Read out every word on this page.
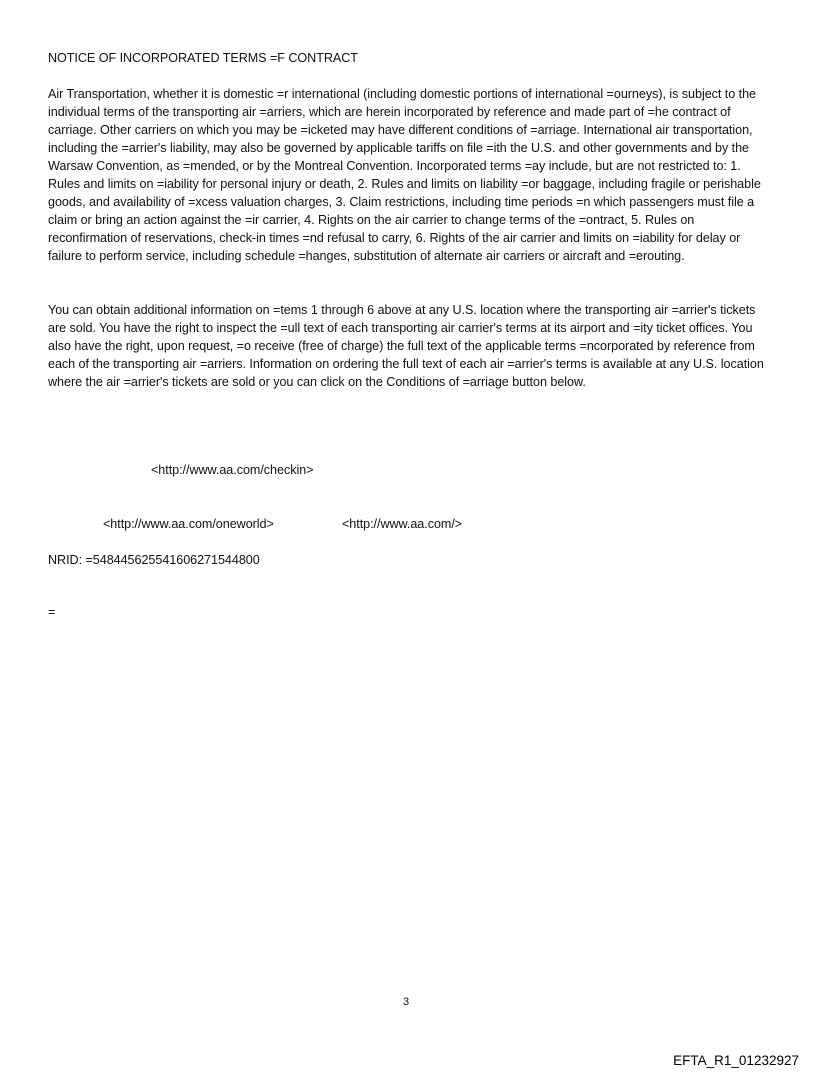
NOTICE OF INCORPORATED TERMS =F CONTRACT

Air Transportation, whether it is domestic =r international (including domestic portions of international =ourneys), is subject to the individual terms of the transporting air =arriers, which are herein incorporated by reference and made part of =he contract of carriage. Other carriers on which you may be =icketed may have different conditions of =arriage. International air transportation, including the =arrier's liability, may also be governed by applicable tariffs on file =ith the U.S. and other governments and by the Warsaw Convention, as =mended, or by the Montreal Convention. Incorporated terms =ay include, but are not restricted to: 1. Rules and limits on =iability for personal injury or death, 2. Rules and limits on liability =or baggage, including fragile or perishable goods, and availability of =xcess valuation charges, 3. Claim restrictions, including time periods =n which passengers must file a claim or bring an action against the =ir carrier, 4. Rights on the air carrier to change terms of the =ontract, 5. Rules on reconfirmation of reservations, check-in times =nd refusal to carry, 6. Rights of the air carrier and limits on =iability for delay or failure to perform service, including schedule =hanges, substitution of alternate air carriers or aircraft and =erouting.

You can obtain additional information on =tems 1 through 6 above at any U.S. location where the transporting air =arrier's tickets are sold. You have the right to inspect the =ull text of each transporting air carrier's terms at its airport and =ity ticket offices. You also have the right, upon request, =o receive (free of charge) the full text of the applicable terms =ncorporated by reference from each of the transporting air =arriers. Information on ordering the full text of each air =arrier's terms is available at any U.S. location where the air =arrier's tickets are sold or you can click on the Conditions of =arriage button below.

<http://www.aa.com/checkin>
<http://www.aa.com/oneworld>	<http://www.aa.com/>
NRID: =548445625541606271544800
=
3
EFTA_R1_01232927
